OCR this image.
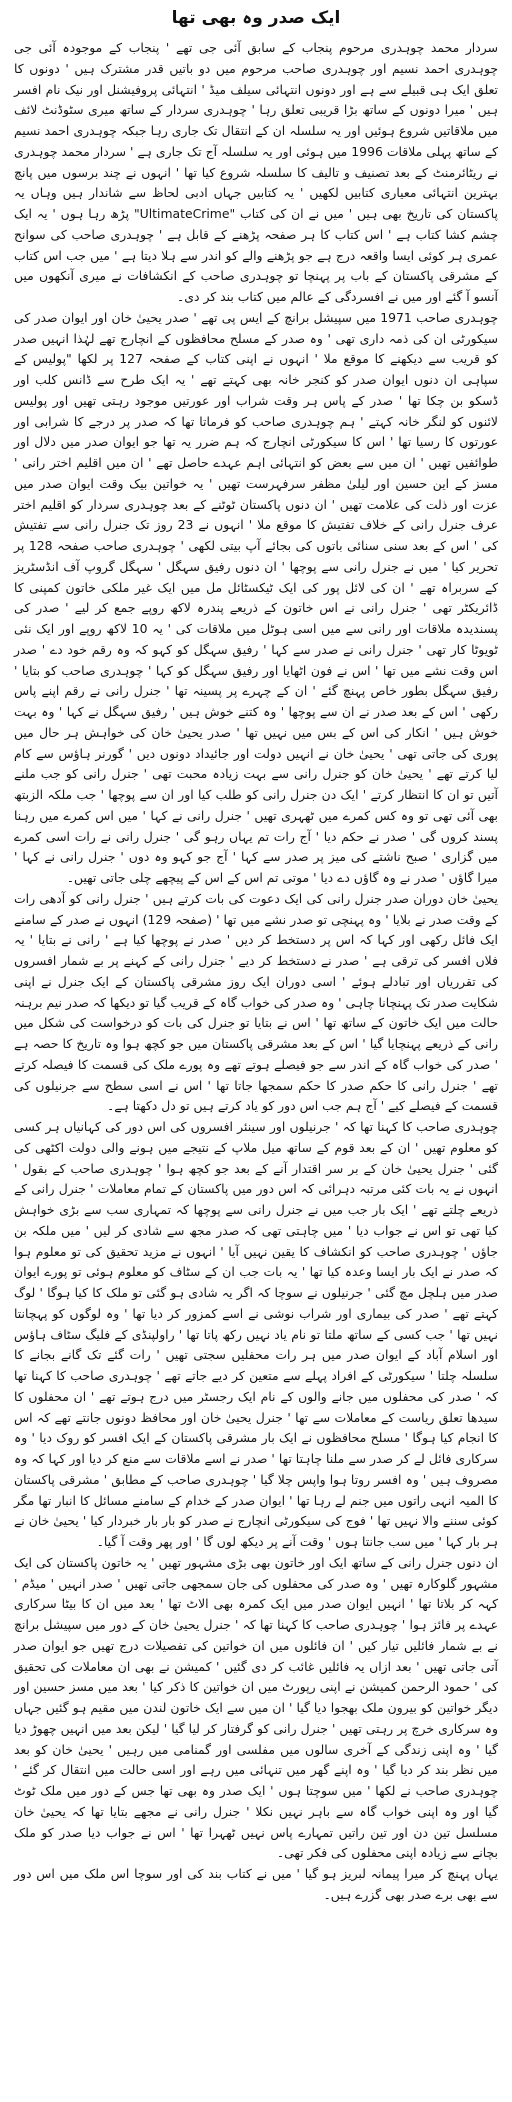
ایک صدر وہ بھی تھا

سردار محمد چوہدری مرحوم پنجاب کے سابق آئی جی تھے ' پنجاب کے موجودہ آئی جی چوہدری احمد نسیم اور چوہدری صاحب مرحوم میں دو باتیں قدر مشترک ہیں ' دونوں کا تعلق ایک ہی قبیلے سے ہے اور دونوں انتہائی سیلف میڈ ' انتہائی پروفیشنل اور نیک نام افسر ہیں ' میرا دونوں کے ساتھ بڑا قریبی تعلق رہا ' چوہدری سردار کے ساتھ میری سٹوڈنٹ لائف میں ملاقاتیں شروع ہوئیں اور یہ سلسلہ ان کے انتقال تک جاری رہا جبکہ چوہدری احمد نسیم کے ساتھ پہلی ملاقات 1996 میں ہوئی اور یہ سلسلہ آج تک جاری ہے ' سردار محمد چوہدری نے ریٹائرمنٹ کے بعد تصنیف و تالیف کا سلسلہ شروع کیا تھا ' انہوں نے چند برسوں میں پانچ بہترین انتہائی معیاری کتابیں لکھیں ' یہ کتابیں جہاں ادبی لحاظ سے شاندار ہیں وہاں یہ پاکستان کی تاریخ بھی ہیں ' میں نے ان کی کتاب "UltimateCrime" پڑھ رہا ہوں ' یہ ایک چشم کشا کتاب ہے ' اس کتاب کا ہر صفحہ پڑھنے کے قابل ہے ' چوہدری صاحب کی سوانح عمری ہر کوئی ایسا واقعہ درج ہے جو پڑھنے والے کو اندر سے ہلا دیتا ہے ' میں جب اس کتاب کے مشرقی پاکستان کے باب پر پہنچا تو چوہدری صاحب کے انکشافات نے میری آنکھوں میں آنسو آ گئے اور میں نے افسردگی کے عالم میں کتاب بند کر دی۔

چوہدری صاحب 1971 میں سپیشل برانچ کے ایس پی تھے ' صدر یحییٰ خان اور ایوان صدر کی سیکورٹی ان کی ذمہ داری تھی ' وہ صدر کے مسلح محافظوں کے انچارج تھے لہٰذا انہیں صدر کو قریب سے دیکھنے کا موقع ملا ' انہوں نے اپنی کتاب کے صفحہ 127 پر لکھا "پولیس کے سپاہی ان دنوں ایوان صدر کو کنجر خانہ بھی کہتے تھے ' یہ ایک طرح سے ڈانس کلب اور ڈسکو بن چکا تھا ' صدر کے پاس ہر وقت شراب اور عورتیں موجود رہتی تھیں اور پولیس لائنوں کو لنگر خانہ کہتے ' ہم چوہدری صاحب کو فرماتا تھا کہ صدر پر درجے کا شرابی اور عورتوں کا رسیا تھا ' اس کا سیکورٹی انچارج کہ ہم ضرر یہ تھا جو ایوان صدر میں دلال اور طوائفیں تھیں ' ان میں سے بعض کو انتہائی اہم عہدے حاصل تھے ' ان میں اقلیم اختر رانی ' مسز کے این حسین اور لیلیٰ مظفر سرفہرست تھیں ' یہ خواتین بیک وقت ایوان صدر میں عزت اور ذلت کی علامت تھیں ' ان دنوں پاکستان ٹوٹنے کے بعد چوہدری سردار کو اقلیم اختر عرف جنرل رانی کے خلاف تفتیش کا موقع ملا ' انہوں نے 23 روز تک جنرل رانی سے تفتیش کی ' اس کے بعد سنی سنائی باتوں کی بجائے آپ بیتی لکھی ' چوہدری صاحب صفحہ 128 پر تحریر کیا ' میں نے جنرل رانی سے پوچھا ' ان دنوں رفیق سہگل ' سہگل گروپ آف انڈسٹریز کے سربراہ تھے ' ان کی لائل پور کی ایک ٹیکسٹائل مل میں ایک غیر ملکی خاتون کمپنی کا ڈائریکٹر تھی ' جنرل رانی نے اس خاتون کے ذریعے پندرہ لاکھ روپے جمع کر لیے ' صدر کی پسندیدہ ملاقات اور رانی سے میں اسی ہوٹل میں ملاقات کی ' یہ 10 لاکھ روپے اور ایک نئی ٹویوٹا کار تھی ' جنرل رانی نے صدر سے کہا ' رفیق سہگل کو کہو کہ وہ رقم خود دے ' صدر اس وقت نشے میں تھا ' اس نے فون اٹھایا اور رفیق سہگل کو کہا ' چوہدری صاحب کو بتایا ' رفیق سہگل بطور خاص پہنچ گئے ' ان کے چہرے پر پسینہ تھا ' جنرل رانی نے رقم اپنے پاس رکھی ' اس کے بعد صدر نے ان سے پوچھا ' وہ کتنے خوش ہیں ' رفیق سہگل نے کہا ' وہ بہت خوش ہیں ' انکار کی اس کے بس میں نہیں تھا ' صدر یحییٰ خان کی خواہش ہر حال میں پوری کی جاتی تھی ' یحییٰ خان نے انہیں دولت اور جائیداد دونوں دیں ' گورنر ہاؤس سے کام لیا کرتے تھے ' یحییٰ خان کو جنرل رانی سے بہت زیادہ محبت تھی ' جنرل رانی کو جب ملنے آتیں تو ان کا انتظار کرتے ' ایک دن جنرل رانی کو طلب کیا اور ان سے پوچھا ' جب ملکہ الزبتھ بھی آئی تھی تو وہ کس کمرے میں ٹھہری تھیں ' جنرل رانی نے کہا ' میں اس کمرے میں رہنا پسند کروں گی ' صدر نے حکم دیا ' آج رات تم یہاں رہو گی ' جنرل رانی نے رات اسی کمرے میں گزاری ' صبح ناشتے کی میز پر صدر سے کہا ' آج جو کہو وہ دوں ' جنرل رانی نے کہا ' میرا گاؤں ' صدر نے وہ گاؤں دے دیا ' موتی تم اس کے اس کے پیچھے چلی جاتی تھیں۔

یحییٰ خان دوران صدر جنرل رانی کی ایک دعوت کی بات کرتے ہیں ' جنرل رانی کو آدھی رات کے وقت صدر نے بلایا ' وہ پہنچی تو صدر نشے میں تھا ' (صفحہ 129) انہوں نے صدر کے سامنے ایک فائل رکھی اور کہا کہ اس پر دستخط کر دیں ' صدر نے پوچھا کیا ہے ' رانی نے بتایا ' یہ فلاں افسر کی ترقی ہے ' صدر نے دستخط کر دیے ' جنرل رانی کے کہنے پر بے شمار افسروں کی تقرریاں اور تبادلے ہوئے ' اسی دوران ایک روز مشرقی پاکستان کے ایک جنرل نے اپنی شکایت صدر تک پہنچانا چاہی ' وہ صدر کی خواب گاہ کے قریب گیا تو دیکھا کہ صدر نیم برہنہ حالت میں ایک خاتون کے ساتھ تھا ' اس نے بتایا تو جنرل کی بات کو درخواست کی شکل میں رانی کے ذریعے پہنچایا گیا ' اس کے بعد مشرقی پاکستان میں جو کچھ ہوا وہ تاریخ کا حصہ ہے ' صدر کی خواب گاہ کے اندر سے جو فیصلے ہوتے تھے وہ پورے ملک کی قسمت کا فیصلہ کرتے تھے ' جنرل رانی کا حکم صدر کا حکم سمجھا جاتا تھا ' اس نے اسی سطح سے جرنیلوں کی قسمت کے فیصلے کیے ' آج ہم جب اس دور کو یاد کرتے ہیں تو دل دکھتا ہے۔

چوہدری صاحب کا کہنا تھا کہ ' جرنیلوں اور سینئر افسروں کی اس دور کی کہانیاں ہر کسی کو معلوم تھیں ' ان کے بعد قوم کے ساتھ میل ملاپ کے نتیجے میں ہونے والی دولت اکٹھی کی گئی ' جنرل یحییٰ خان کے بر سر اقتدار آنے کے بعد جو کچھ ہوا ' چوہدری صاحب کے بقول ' انہوں نے یہ بات کئی مرتبہ دہرائی کہ اس دور میں پاکستان کے تمام معاملات ' جنرل رانی کے ذریعے چلتے تھے ' ایک بار جب میں نے جنرل رانی سے پوچھا کہ تمہاری سب سے بڑی خواہش کیا تھی تو اس نے جواب دیا ' میں چاہتی تھی کہ صدر مجھ سے شادی کر لیں ' میں ملکہ بن جاؤں ' چوہدری صاحب کو انکشاف کا یقین نہیں آیا ' انہوں نے مزید تحقیق کی تو معلوم ہوا کہ صدر نے ایک بار ایسا وعدہ کیا تھا ' یہ بات جب ان کے سٹاف کو معلوم ہوئی تو پورے ایوان صدر میں ہلچل مچ گئی ' جرنیلوں نے سوچا کہ اگر یہ شادی ہو گئی تو ملک کا کیا ہوگا ' لوگ کہتے تھے ' صدر کی بیماری اور شراب نوشی نے اسے کمزور کر دیا تھا ' وہ لوگوں کو پہچانتا نہیں تھا ' جب کسی کے ساتھ ملتا تو نام یاد نہیں رکھ پاتا تھا ' راولپنڈی کے فلیگ سٹاف ہاؤس اور اسلام آباد کے ایوان صدر میں ہر رات محفلیں سجتی تھیں ' رات گئے تک گانے بجانے کا سلسلہ چلتا ' سیکورٹی کے افراد پہلے سے متعین کر دیے جاتے تھے ' چوہدری صاحب کا کہنا تھا کہ ' صدر کی محفلوں میں جانے والوں کے نام ایک رجسٹر میں درج ہوتے تھے ' ان محفلوں کا سیدھا تعلق ریاست کے معاملات سے تھا ' جنرل یحییٰ خان اور محافظ دونوں جانتے تھے کہ اس کا انجام کیا ہوگا ' مسلح محافظوں نے ایک بار مشرقی پاکستان کے ایک افسر کو روک دیا ' وہ سرکاری فائل لے کر صدر سے ملنا چاہتا تھا ' صدر نے اسے ملاقات سے منع کر دیا اور کہا کہ وہ مصروف ہیں ' وہ افسر روتا ہوا واپس چلا گیا ' چوہدری صاحب کے مطابق ' مشرقی پاکستان کا المیہ انہی راتوں میں جنم لے رہا تھا ' ایوان صدر کے خدام کے سامنے مسائل کا انبار تھا مگر کوئی سننے والا نہیں تھا ' فوج کی سیکورٹی انچارج نے صدر کو بار بار خبردار کیا ' یحییٰ خان نے ہر بار کہا ' میں سب جانتا ہوں ' وقت آنے پر دیکھ لوں گا ' اور پھر وقت آ گیا۔

ان دنوں جنرل رانی کے ساتھ ایک اور خاتون بھی بڑی مشہور تھیں ' یہ خاتون پاکستان کی ایک مشہور گلوکارہ تھیں ' وہ صدر کی محفلوں کی جان سمجھی جاتی تھیں ' صدر انہیں ' میڈم ' کہہ کر بلاتا تھا ' انہیں ایوان صدر میں ایک کمرہ بھی الاٹ تھا ' بعد میں ان کا بیٹا سرکاری عہدے پر فائز ہوا ' چوہدری صاحب کا کہنا تھا کہ ' جنرل یحییٰ خان کے دور میں سپیشل برانچ نے بے شمار فائلیں تیار کیں ' ان فائلوں میں ان خواتین کی تفصیلات درج تھیں جو ایوان صدر آتی جاتی تھیں ' بعد ازاں یہ فائلیں غائب کر دی گئیں ' کمیشن نے بھی ان معاملات کی تحقیق کی ' حمود الرحمن کمیشن نے اپنی رپورٹ میں ان خواتین کا ذکر کیا ' بعد میں مسز حسین اور دیگر خواتین کو بیرون ملک بھجوا دیا گیا ' ان میں سے ایک خاتون لندن میں مقیم ہو گئیں جہاں وہ سرکاری خرچ پر رہتی تھیں ' جنرل رانی کو گرفتار کر لیا گیا ' لیکن بعد میں انہیں چھوڑ دیا گیا ' وہ اپنی زندگی کے آخری سالوں میں مفلسی اور گمنامی میں رہیں ' یحییٰ خان کو بعد میں نظر بند کر دیا گیا ' وہ اپنے گھر میں تنہائی میں رہے اور اسی حالت میں انتقال کر گئے ' چوہدری صاحب نے لکھا ' میں سوچتا ہوں ' ایک صدر وہ بھی تھا جس کے دور میں ملک ٹوٹ گیا اور وہ اپنی خواب گاہ سے باہر نہیں نکلا ' جنرل رانی نے مجھے بتایا تھا کہ یحییٰ خان مسلسل تین دن اور تین راتیں تمہارے پاس نہیں ٹھہرا تھا ' اس نے جواب دیا صدر کو ملک بچانے سے زیادہ اپنی محفلوں کی فکر تھی۔

یہاں پہنچ کر میرا پیمانہ لبریز ہو گیا ' میں نے کتاب بند کی اور سوچا اس ملک میں اس دور سے بھی برے صدر بھی گزرے ہیں۔
